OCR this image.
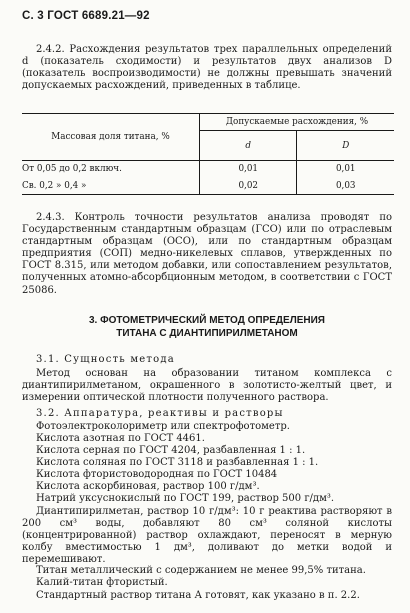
С. 3 ГОСТ 6689.21—92

2.4.2. Расхождения результатов трех параллельных определений d (показатель сходимости) и результатов двух анализов D (показатель воспроизводимости) не должны превышать значений допускаемых расхождений, приведенных в таблице.

Массовая доля титана, %	Допускаемые расхождения, %	
	d	D
От 0,05 до 0,2 включ.	0,01	0,01
Св. 0,2 » 0,4 »	0,02	0,03

2.4.3. Контроль точности результатов анализа проводят по Государственным стандартным образцам (ГСО) или по отраслевым стандартным образцам (ОСО), или по стандартным образцам предприятия (СОП) медно-никелевых сплавов, утвержденных по ГОСТ 8.315, или методом добавки, или сопоставлением результатов, полученных атомно-абсорбционным методом, в соответствии с ГОСТ 25086.

3. ФОТОМЕТРИЧЕСКИЙ МЕТОД ОПРЕДЕЛЕНИЯ
ТИТАНА С ДИАНТИПИРИЛМЕТАНОМ

3.1. Сущность метода

Метод основан на образовании титаном комплекса с диантипирилметаном, окрашенного в золотисто-желтый цвет, и измерении оптической плотности полученного раствора.

3.2. Аппаратура, реактивы и растворы

Фотоэлектроколориметр или спектрофотометр.

Кислота азотная по ГОСТ 4461.

Кислота серная по ГОСТ 4204, разбавленная 1 : 1.

Кислота соляная по ГОСТ 3118 и разбавленная 1 : 1.

Кислота фтористоводородная по ГОСТ 10484

Кислота аскорбиновая, раствор 100 г/дм³.

Натрий уксуснокислый по ГОСТ 199, раствор 500 г/дм³.

Диантипирилметан, раствор 10 г/дм³: 10 г реактива растворяют в 200 см³ воды, добавляют 80 см³ соляной кислоты (концентрированной) раствор охлаждают, переносят в мерную колбу вместимостью 1 дм³, доливают до метки водой и перемешивают.

Титан металлический с содержанием не менее 99,5% титана.

Калий-титан фтористый.

Стандартный раствор титана А готовят, как указано в п. 2.2.
